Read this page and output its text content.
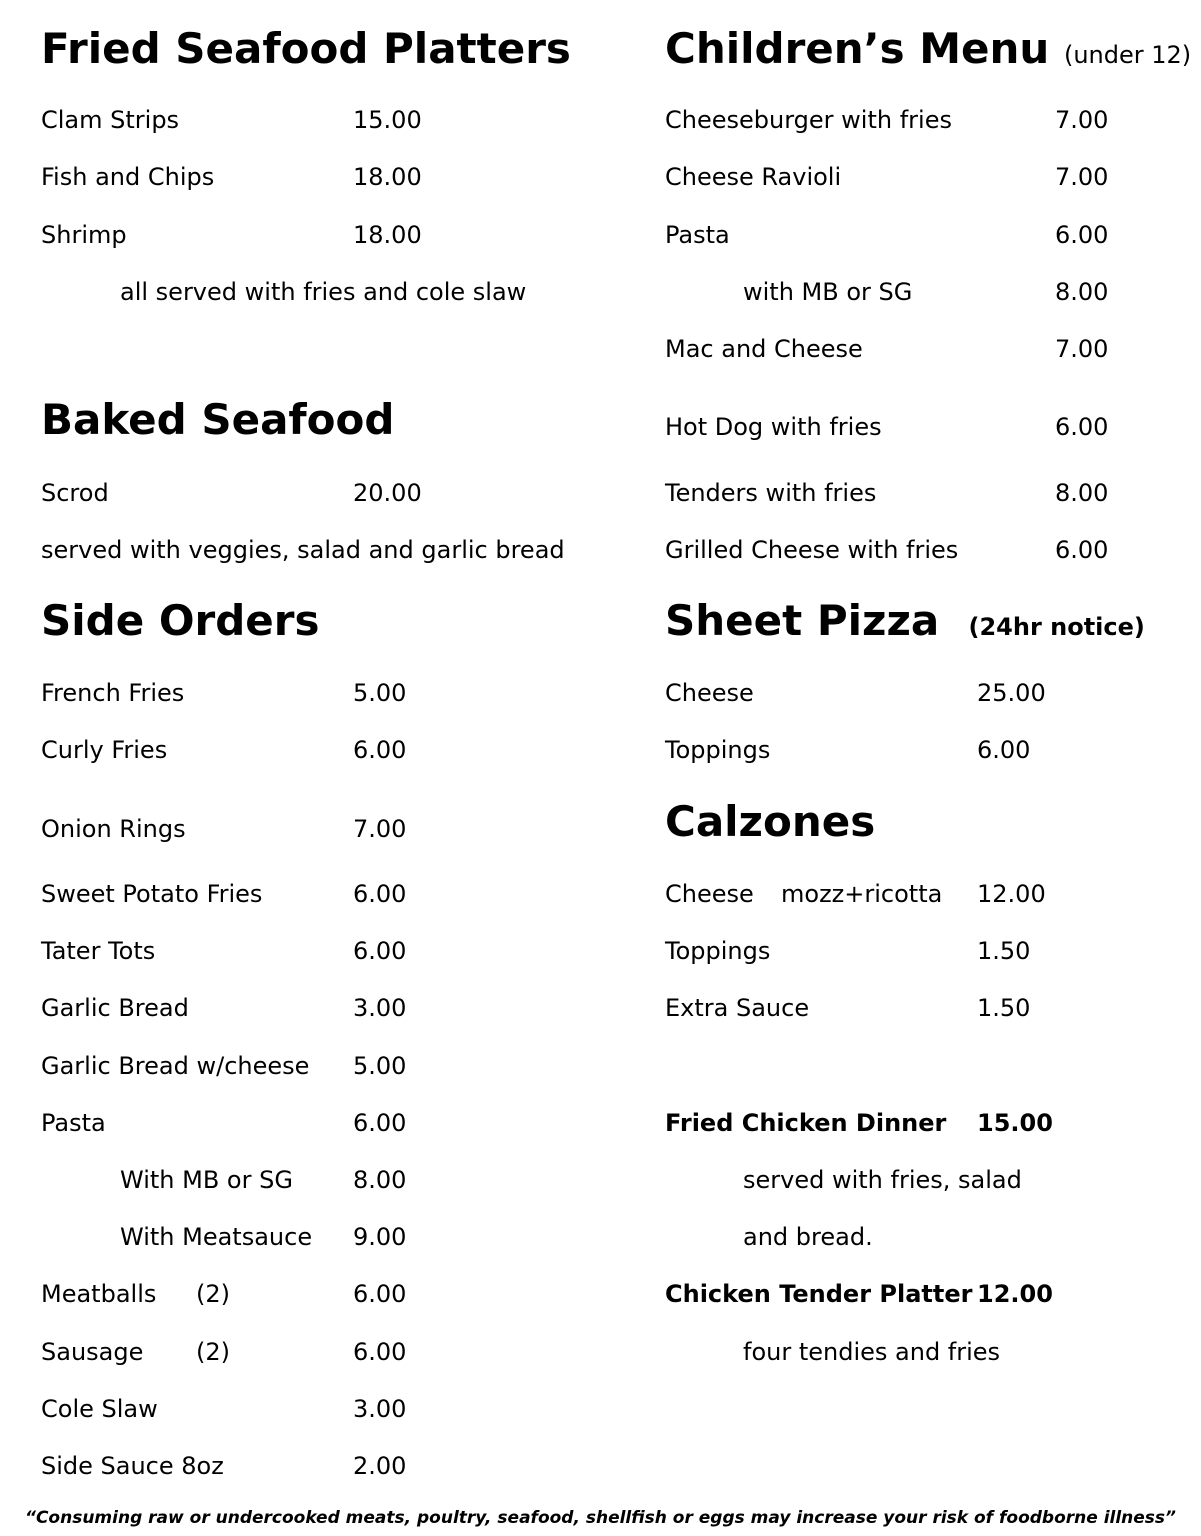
Fried Seafood Platters
Clam Strips	15.00
Fish and Chips	18.00
Shrimp	18.00
all served with fries and cole slaw
Baked Seafood
Scrod	20.00
served with veggies, salad and garlic bread
Side Orders
French Fries	5.00
Curly Fries	6.00
Onion Rings	7.00
Sweet Potato Fries	6.00
Tater Tots	6.00
Garlic Bread	3.00
Garlic Bread w/cheese 5.00
Pasta	6.00
With MB or SG	8.00
With Meatsauce 9.00
Meatballs (2)	6.00
Sausage (2)	6.00
Cole Slaw	3.00
Side Sauce 8oz	2.00
Children’s Menu (under 12)
Cheeseburger with fries	7.00
Cheese Ravioli	7.00
Pasta	6.00
with MB or SG	8.00
Mac and Cheese	7.00
Hot Dog with fries	6.00
Tenders with fries	8.00
Grilled Cheese with fries	6.00
Sheet Pizza (24hr notice)
Cheese	25.00
Toppings	6.00
Calzones
Cheese mozz+ricotta 12.00
Toppings	1.50
Extra Sauce	1.50
Fried Chicken Dinner 15.00
served with fries, salad
and bread.
Chicken Tender Platter 12.00
four tendies and fries
“Consuming raw or undercooked meats, poultry, seafood, shellfish or eggs may increase your risk of foodborne illness”
